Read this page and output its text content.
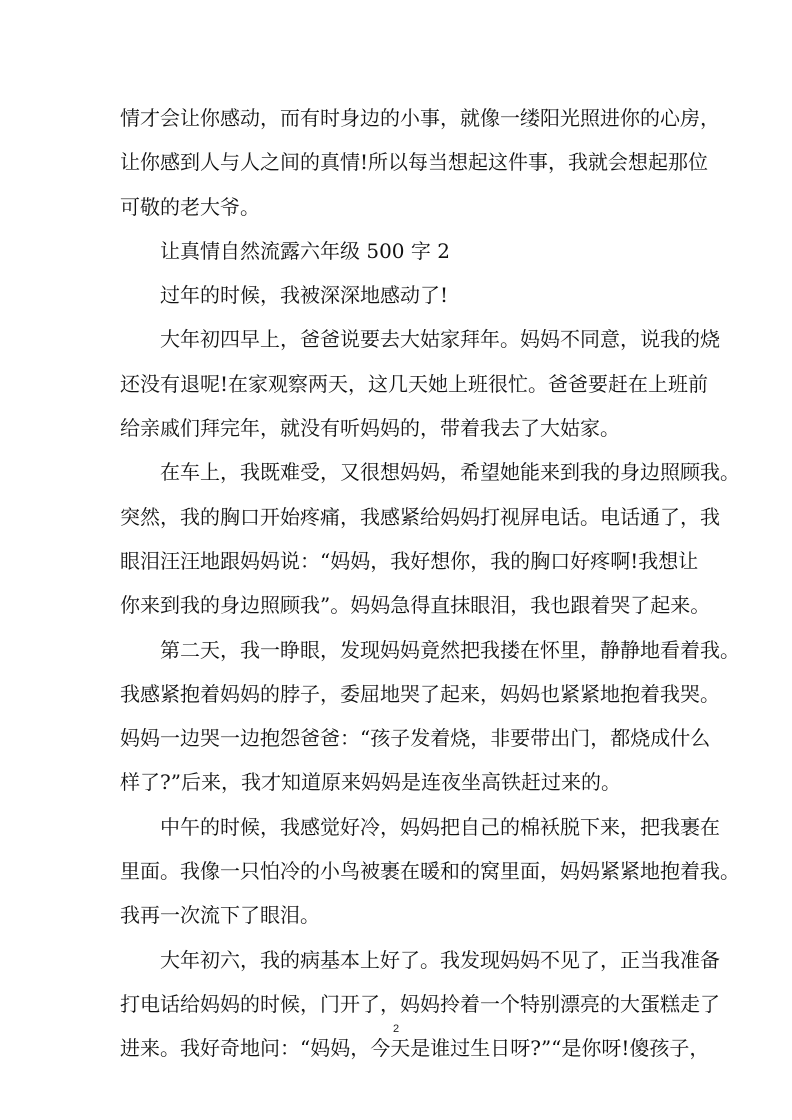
情才会让你感动，而有时身边的小事，就像一缕阳光照进你的心房，
让你感到人与人之间的真情!所以每当想起这件事，我就会想起那位
可敬的老大爷。
让真情自然流露六年级 500 字 2
过年的时候，我被深深地感动了!
大年初四早上，爸爸说要去大姑家拜年。妈妈不同意，说我的烧
还没有退呢!在家观察两天，这几天她上班很忙。爸爸要赶在上班前
给亲戚们拜完年，就没有听妈妈的，带着我去了大姑家。
在车上，我既难受，又很想妈妈，希望她能来到我的身边照顾我。
突然，我的胸口开始疼痛，我感紧给妈妈打视屏电话。电话通了，我
眼泪汪汪地跟妈妈说：“妈妈，我好想你，我的胸口好疼啊!我想让
你来到我的身边照顾我”。妈妈急得直抹眼泪，我也跟着哭了起来。
第二天，我一睁眼，发现妈妈竟然把我搂在怀里，静静地看着我。
我感紧抱着妈妈的脖子，委屈地哭了起来，妈妈也紧紧地抱着我哭。
妈妈一边哭一边抱怨爸爸：“孩子发着烧，非要带出门，都烧成什么
样了?”后来，我才知道原来妈妈是连夜坐高铁赶过来的。
中午的时候，我感觉好冷，妈妈把自己的棉袄脱下来，把我裹在
里面。我像一只怕冷的小鸟被裹在暖和的窝里面，妈妈紧紧地抱着我。
我再一次流下了眼泪。
大年初六，我的病基本上好了。我发现妈妈不见了，正当我准备
打电话给妈妈的时候，门开了，妈妈拎着一个特别漂亮的大蛋糕走了
进来。我好奇地问：“妈妈，今天是谁过生日呀?”“是你呀!傻孩子，
2
